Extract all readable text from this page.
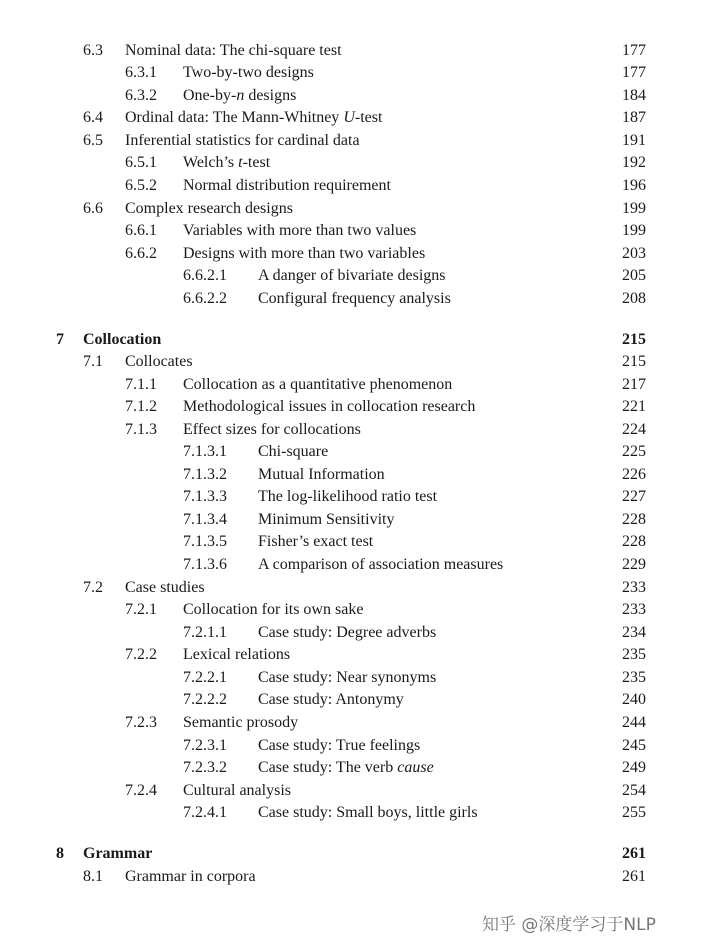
6.3 Nominal data: The chi-square test	177
6.3.1 Two-by-two designs	177
6.3.2 One-by-n designs	184
6.4 Ordinal data: The Mann-Whitney U-test	187
6.5 Inferential statistics for cardinal data	191
6.5.1 Welch’s t-test	192
6.5.2 Normal distribution requirement	196
6.6 Complex research designs	199
6.6.1 Variables with more than two values	199
6.6.2 Designs with more than two variables	203
6.6.2.1 A danger of bivariate designs	205
6.6.2.2 Configural frequency analysis	208
7 Collocation	215
7.1 Collocates	215
7.1.1 Collocation as a quantitative phenomenon	217
7.1.2 Methodological issues in collocation research	221
7.1.3 Effect sizes for collocations	224
7.1.3.1 Chi-square	225
7.1.3.2 Mutual Information	226
7.1.3.3 The log-likelihood ratio test	227
7.1.3.4 Minimum Sensitivity	228
7.1.3.5 Fisher’s exact test	228
7.1.3.6 A comparison of association measures	229
7.2 Case studies	233
7.2.1 Collocation for its own sake	233
7.2.1.1 Case study: Degree adverbs	234
7.2.2 Lexical relations	235
7.2.2.1 Case study: Near synonyms	235
7.2.2.2 Case study: Antonymy	240
7.2.3 Semantic prosody	244
7.2.3.1 Case study: True feelings	245
7.2.3.2 Case study: The verb cause	249
7.2.4 Cultural analysis	254
7.2.4.1 Case study: Small boys, little girls	255
8 Grammar	261
8.1 Grammar in corpora	261
知乎 @深度学习于NLP
